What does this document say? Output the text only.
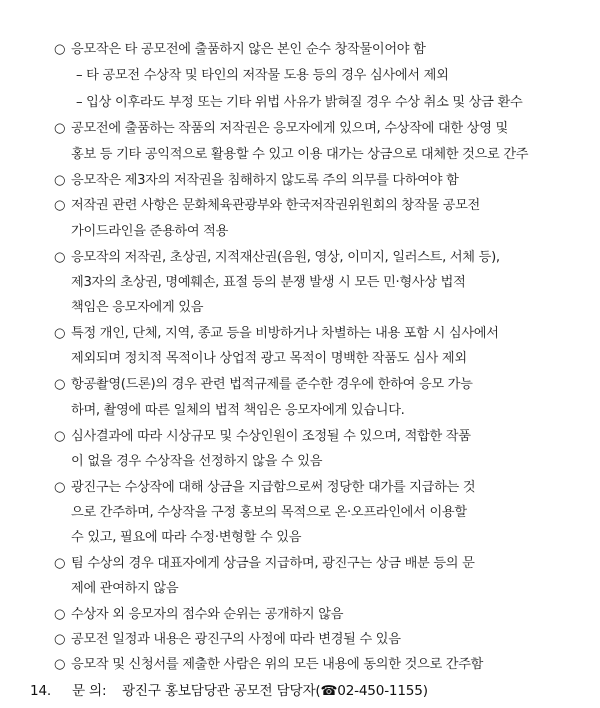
○ 응모작은 타 공모전에 출품하지 않은 본인 순수 창작물이어야 함
– 타 공모전 수상작 및 타인의 저작물 도용 등의 경우 심사에서 제외
– 입상 이후라도 부정 또는 기타 위법 사유가 밝혀질 경우 수상 취소 및 상금 환수
○ 공모전에 출품하는 작품의 저작권은 응모자에게 있으며, 수상작에 대한 상영 및
홍보 등 기타 공익적으로 활용할 수 있고 이용 대가는 상금으로 대체한 것으로 간주
○ 응모작은 제3자의 저작권을 침해하지 않도록 주의 의무를 다하여야 함
○ 저작권 관련 사항은 문화체육관광부와 한국저작권위원회의 창작물 공모전
가이드라인을 준용하여 적용
○ 응모작의 저작권, 초상권, 지적재산권(음원, 영상, 이미지, 일러스트, 서체 등),
제3자의 초상권, 명예훼손, 표절 등의 분쟁 발생 시 모든 민·형사상 법적
책임은 응모자에게 있음
○ 특정 개인, 단체, 지역, 종교 등을 비방하거나 차별하는 내용 포함 시 심사에서
제외되며 정치적 목적이나 상업적 광고 목적이 명백한 작품도 심사 제외
○ 항공촬영(드론)의 경우 관련 법적규제를 준수한 경우에 한하여 응모 가능
하며, 촬영에 따른 일체의 법적 책임은 응모자에게 있습니다.
○ 심사결과에 따라 시상규모 및 수상인원이 조정될 수 있으며, 적합한 작품
이 없을 경우 수상작을 선정하지 않을 수 있음
○ 광진구는 수상작에 대해 상금을 지급함으로써 정당한 대가를 지급하는 것
으로 간주하며, 수상작을 구정 홍보의 목적으로 온·오프라인에서 이용할
수 있고, 필요에 따라 수정·변형할 수 있음
○ 팀 수상의 경우 대표자에게 상금을 지급하며, 광진구는 상금 배분 등의 문
제에 관여하지 않음
○ 수상자 외 응모자의 점수와 순위는 공개하지 않음
○ 공모전 일정과 내용은 광진구의 사정에 따라 변경될 수 있음
○ 응모작 및 신청서를 제출한 사람은 위의 모든 내용에 동의한 것으로 간주함
14. 문 의: 광진구 홍보담당관 공모전 담당자(☎02-450-1155)
